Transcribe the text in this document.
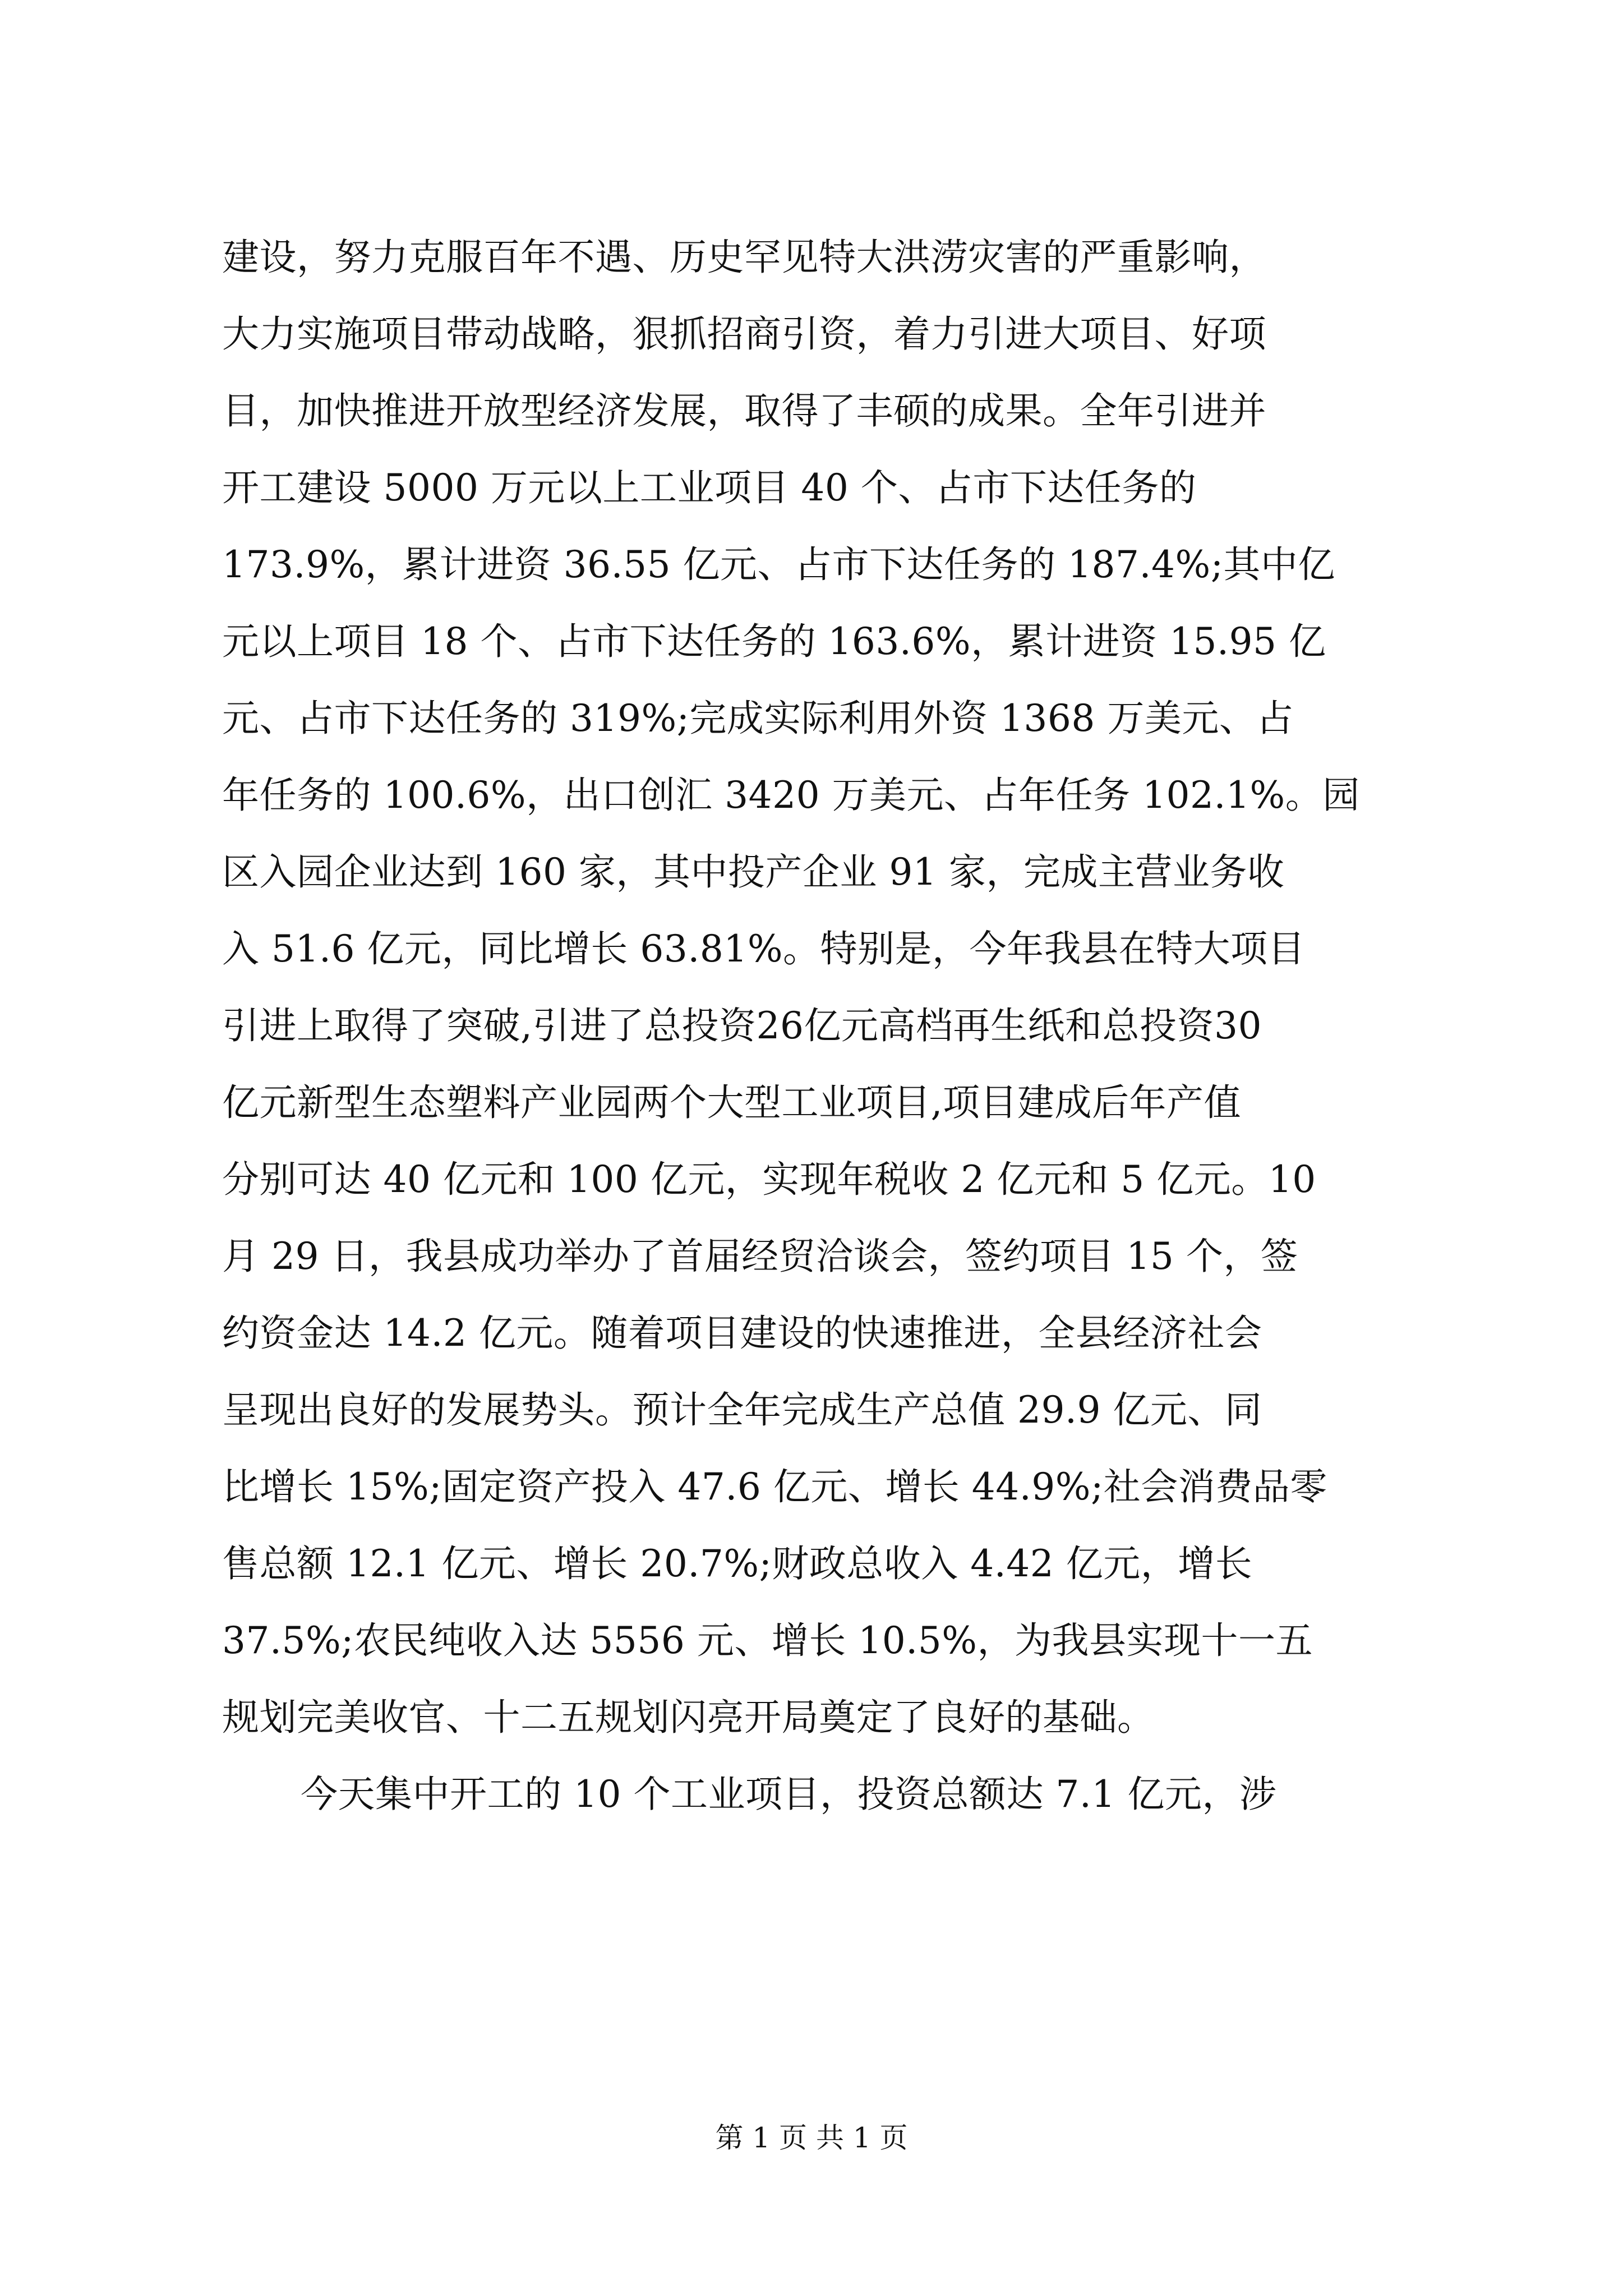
建设，努力克服百年不遇、历史罕见特大洪涝灾害的严重影响，
大力实施项目带动战略，狠抓招商引资，着力引进大项目、好项
目，加快推进开放型经济发展，取得了丰硕的成果。全年引进并
开工建设 5000 万元以上工业项目 40 个、占市下达任务的
173.9%，累计进资 36.55 亿元、占市下达任务的 187.4%;其中亿
元以上项目 18 个、占市下达任务的 163.6%，累计进资 15.95 亿
元、占市下达任务的 319%;完成实际利用外资 1368 万美元、占
年任务的 100.6%，出口创汇 3420 万美元、占年任务 102.1%。园
区入园企业达到 160 家，其中投产企业 91 家，完成主营业务收
入 51.6 亿元，同比增长 63.81%。特别是，今年我县在特大项目
引进上取得了突破,引进了总投资26亿元高档再生纸和总投资30
亿元新型生态塑料产业园两个大型工业项目,项目建成后年产值
分别可达 40 亿元和 100 亿元，实现年税收 2 亿元和 5 亿元。10
月 29 日，我县成功举办了首届经贸洽谈会，签约项目 15 个，签
约资金达 14.2 亿元。随着项目建设的快速推进，全县经济社会
呈现出良好的发展势头。预计全年完成生产总值 29.9 亿元、同
比增长 15%;固定资产投入 47.6 亿元、增长 44.9%;社会消费品零
售总额 12.1 亿元、增长 20.7%;财政总收入 4.42 亿元，增长
37.5%;农民纯收入达 5556 元、增长 10.5%，为我县实现十一五
规划完美收官、十二五规划闪亮开局奠定了良好的基础。
今天集中开工的 10 个工业项目，投资总额达 7.1 亿元，涉
第 1 页 共 1 页
